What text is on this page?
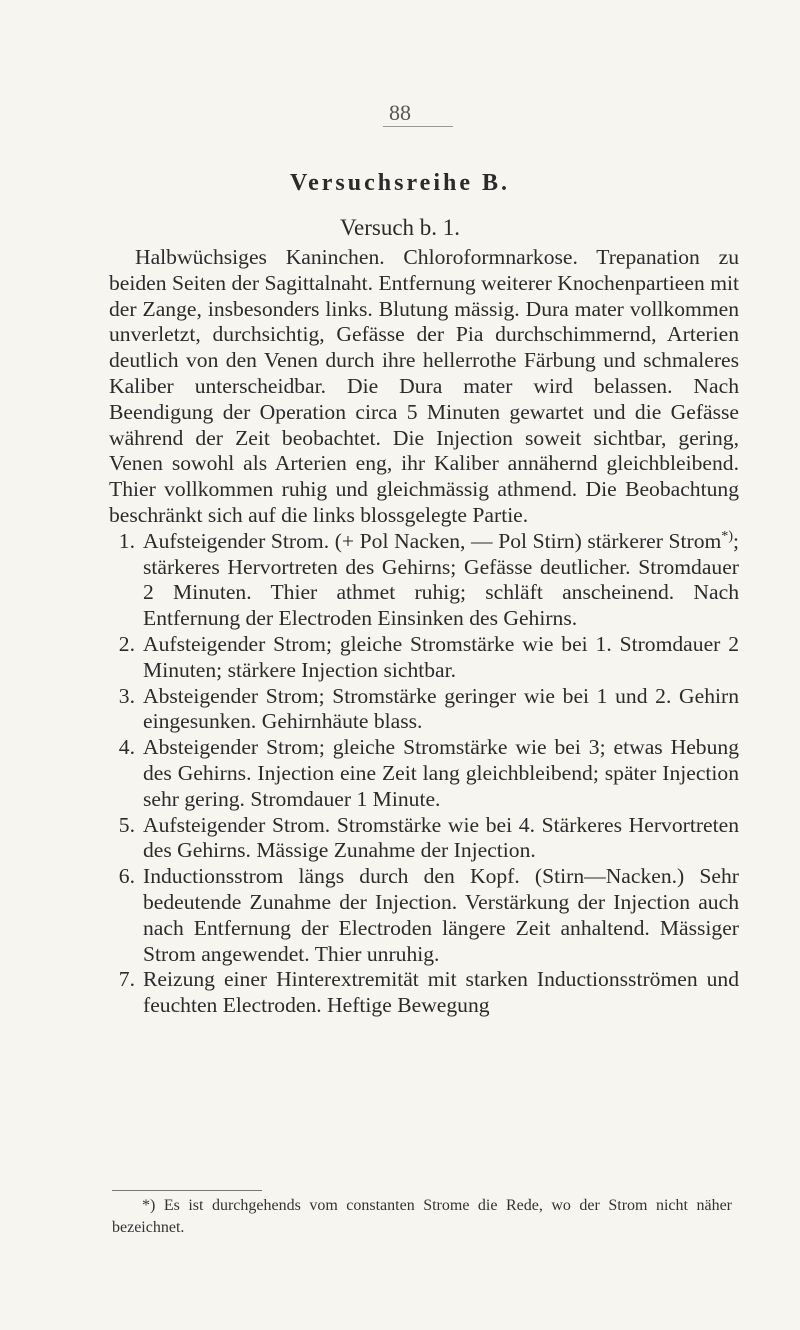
88
Versuchsreihe B.
Versuch b. 1.

Halbwüchsiges Kaninchen. Chloroformnarkose. Trepanation zu beiden Seiten der Sagittalnaht. Entfernung weiterer Knochenpartieen mit der Zange, insbesonders links. Blutung mässig. Dura mater vollkommen unverletzt, durchsichtig, Gefässe der Pia durchschimmernd, Arterien deutlich von den Venen durch ihre hellerrothe Färbung und schmaleres Kaliber unterscheidbar. Die Dura mater wird belassen. Nach Beendigung der Operation circa 5 Minuten gewartet und die Gefässe während der Zeit beobachtet. Die Injection soweit sichtbar, gering, Venen sowohl als Arterien eng, ihr Kaliber annähernd gleichbleibend. Thier vollkommen ruhig und gleichmässig athmend. Die Beobachtung beschränkt sich auf die links blossgelegte Partie.

1. Aufsteigender Strom. (+ Pol Nacken, — Pol Stirn) stärkerer Strom*); stärkeres Hervortreten des Gehirns; Gefässe deutlicher. Stromdauer 2 Minuten. Thier athmet ruhig; schläft anscheinend. Nach Entfernung der Electroden Einsinken des Gehirns.
2. Aufsteigender Strom; gleiche Stromstärke wie bei 1. Stromdauer 2 Minuten; stärkere Injection sichtbar.
3. Absteigender Strom; Stromstärke geringer wie bei 1 und 2. Gehirn eingesunken. Gehirnhäute blass.
4. Absteigender Strom; gleiche Stromstärke wie bei 3; etwas Hebung des Gehirns. Injection eine Zeit lang gleichbleibend; später Injection sehr gering. Stromdauer 1 Minute.
5. Aufsteigender Strom. Stromstärke wie bei 4. Stärkeres Hervortreten des Gehirns. Mässige Zunahme der Injection.
6. Inductionsstrom längs durch den Kopf. (Stirn—Nacken.) Sehr bedeutende Zunahme der Injection. Verstärkung der Injection auch nach Entfernung der Electroden längere Zeit anhaltend. Mässiger Strom angewendet. Thier unruhig.
7. Reizung einer Hinterextremität mit starken Inductionsströmen und feuchten Electroden. Heftige Bewegung
*) Es ist durchgehends vom constanten Strome die Rede, wo der Strom nicht näher bezeichnet.
